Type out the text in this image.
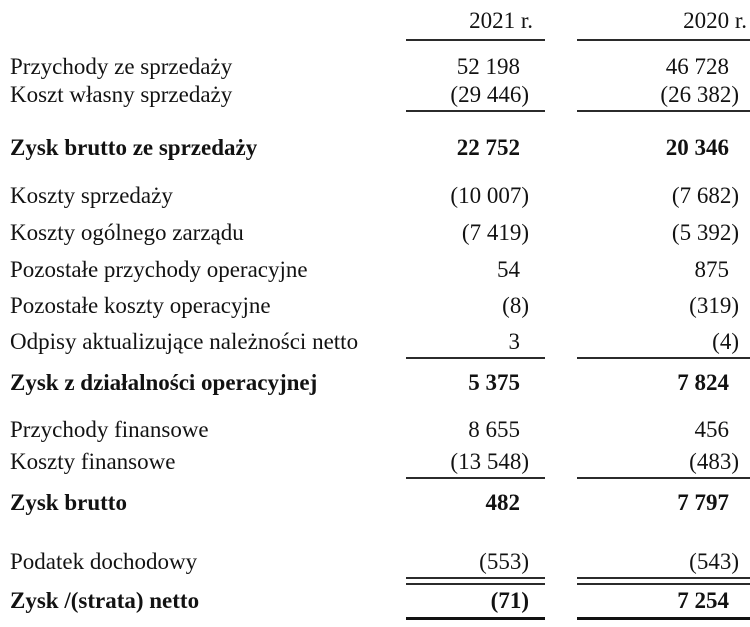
2021 r.	2020 r.
Przychody ze sprzedaży	52 198	46 728
Koszt własny sprzedaży	(29 446)	(26 382)
Zysk brutto ze sprzedaży	22 752	20 346
Koszty sprzedaży	(10 007)	(7 682)
Koszty ogólnego zarządu	(7 419)	(5 392)
Pozostałe przychody operacyjne	54	875
Pozostałe koszty operacyjne	(8)	(319)
Odpisy aktualizujące należności netto	3	(4)
Zysk z działalności operacyjnej	5 375	7 824
Przychody finansowe	8 655	456
Koszty finansowe	(13 548)	(483)
Zysk brutto	482	7 797
Podatek dochodowy	(553)	(543)
Zysk /(strata) netto	(71)	7 254
